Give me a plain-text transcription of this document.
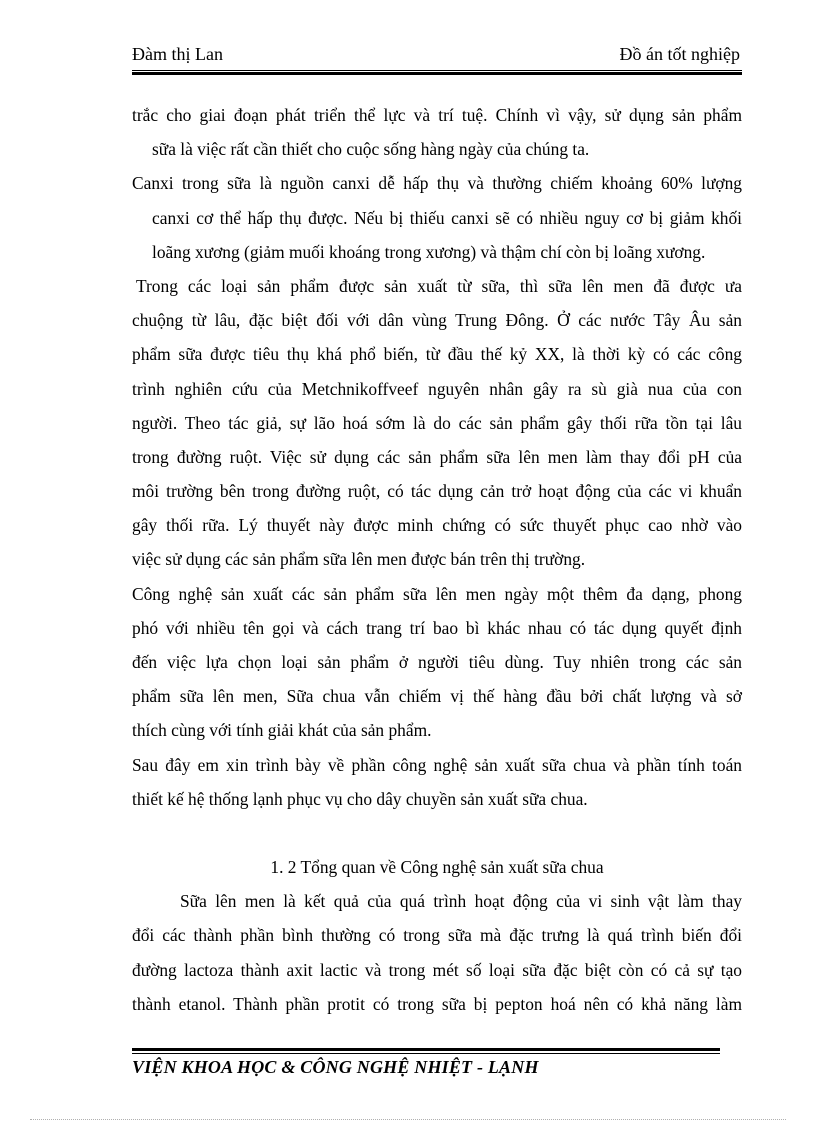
Đàm thị Lan	Đồ án tốt nghiệp
trắc cho giai đoạn phát triển thể lực và trí tuệ. Chính vì vậy, sử dụng sản phẩm
sữa là việc rất cần thiết cho cuộc sống hàng ngày của chúng ta.
Canxi trong sữa là nguồn canxi dễ hấp thụ và thường chiếm khoảng 60% lượng
canxi cơ thể hấp thụ được. Nếu bị thiếu canxi sẽ có nhiều nguy cơ bị giảm khối
loãng xương (giảm muối khoáng trong xương) và thậm chí còn bị loãng xương.
Trong các loại sản phẩm được sản xuất từ sữa, thì sữa lên men đã được ưa
chuộng từ lâu, đặc biệt đối với dân vùng Trung Đông. Ở các nước Tây Âu sản
phẩm sữa được tiêu thụ khá phổ biến, từ đầu thế kỷ XX, là thời kỳ có các công
trình nghiên cứu của Metchnikoffveef nguyên nhân gây ra sù già nua của con
người. Theo tác giả, sự lão hoá sớm là do các sản phẩm gây thối rữa tồn tại lâu
trong đường ruột. Việc sử dụng các sản phẩm sữa lên men làm thay đổi pH của
môi trường bên trong đường ruột, có tác dụng cản trở hoạt động của các vi khuẩn
gây thối rữa. Lý thuyết này được minh chứng có sức thuyết phục cao nhờ vào
việc sử dụng các sản phẩm sữa lên men được bán trên thị trường.
Công nghệ sản xuất các sản phẩm sữa lên men ngày một thêm đa dạng, phong
phó với nhiều tên gọi và cách trang trí bao bì khác nhau có tác dụng quyết định
đến việc lựa chọn loại sản phẩm ở người tiêu dùng. Tuy nhiên trong các sản
phẩm sữa lên men, Sữa chua vẫn chiếm vị thế hàng đầu bởi chất lượng và sở
thích cùng với tính giải khát của sản phẩm.
Sau đây em xin trình bày về phần công nghệ sản xuất sữa chua và phần tính toán
thiết kế hệ thống lạnh phục vụ cho dây chuyền sản xuất sữa chua.
1. 2 Tổng quan về Công nghệ sản xuất sữa chua
Sữa lên men là kết quả của quá trình hoạt động của vi sinh vật làm thay
đổi các thành phần bình thường có trong sữa mà đặc trưng là quá trình biến đổi
đường lactoza thành axit lactic và trong mét số loại sữa đặc biệt còn có cả sự tạo
thành etanol. Thành phần protit có trong sữa bị pepton hoá nên có khả năng làm
VIỆN KHOA HỌC & CÔNG NGHỆ NHIỆT - LẠNH
